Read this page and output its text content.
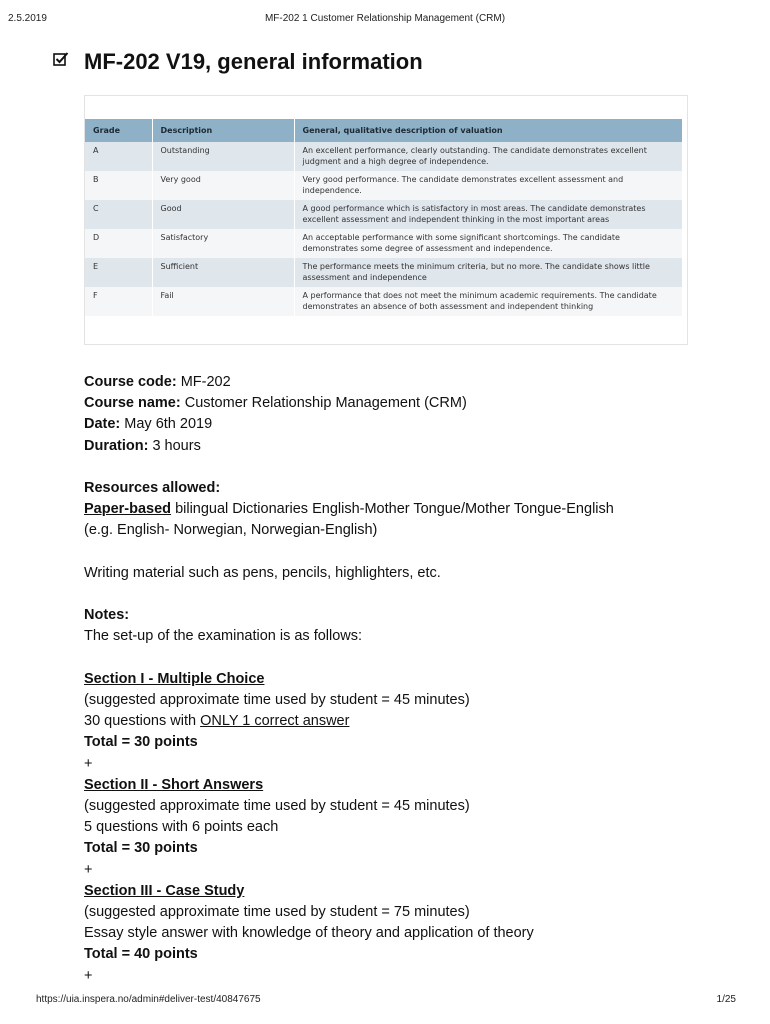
2.5.2019	MF-202 1 Customer Relationship Management (CRM)
MF-202 V19, general information
Grade	Description	General, qualitative description of valuation
A	Outstanding	An excellent performance, clearly outstanding. The candidate demonstrates excellent judgment and a high degree of independence.
B	Very good	Very good performance. The candidate demonstrates excellent assessment and independence.
C	Good	A good performance which is satisfactory in most areas. The candidate demonstrates excellent assessment and independent thinking in the most important areas
D	Satisfactory	An acceptable performance with some significant shortcomings. The candidate demonstrates some degree of assessment and independence.
E	Sufficient	The performance meets the minimum criteria, but no more. The candidate shows little assessment and independence
F	Fail	A performance that does not meet the minimum academic requirements. The candidate demonstrates an absence of both assessment and independent thinking

Course code: MF-202

Course name: Customer Relationship Management (CRM)

Date: May 6th 2019

Duration: 3 hours

Resources allowed:

Paper-based bilingual Dictionaries English-Mother Tongue/Mother Tongue-English

(e.g. English- Norwegian, Norwegian-English)

Writing material such as pens, pencils, highlighters, etc.

Notes:

The set-up of the examination is as follows:

Section I - Multiple Choice

(suggested approximate time used by student = 45 minutes)

30 questions with ONLY 1 correct answer

Total = 30 points

+

Section II - Short Answers

(suggested approximate time used by student = 45 minutes)

5 questions with 6 points each

Total = 30 points

+

Section III - Case Study

(suggested approximate time used by student = 75 minutes)

Essay style answer with knowledge of theory and application of theory

Total = 40 points

+

https://uia.inspera.no/admin#deliver-test/40847675	1/25
